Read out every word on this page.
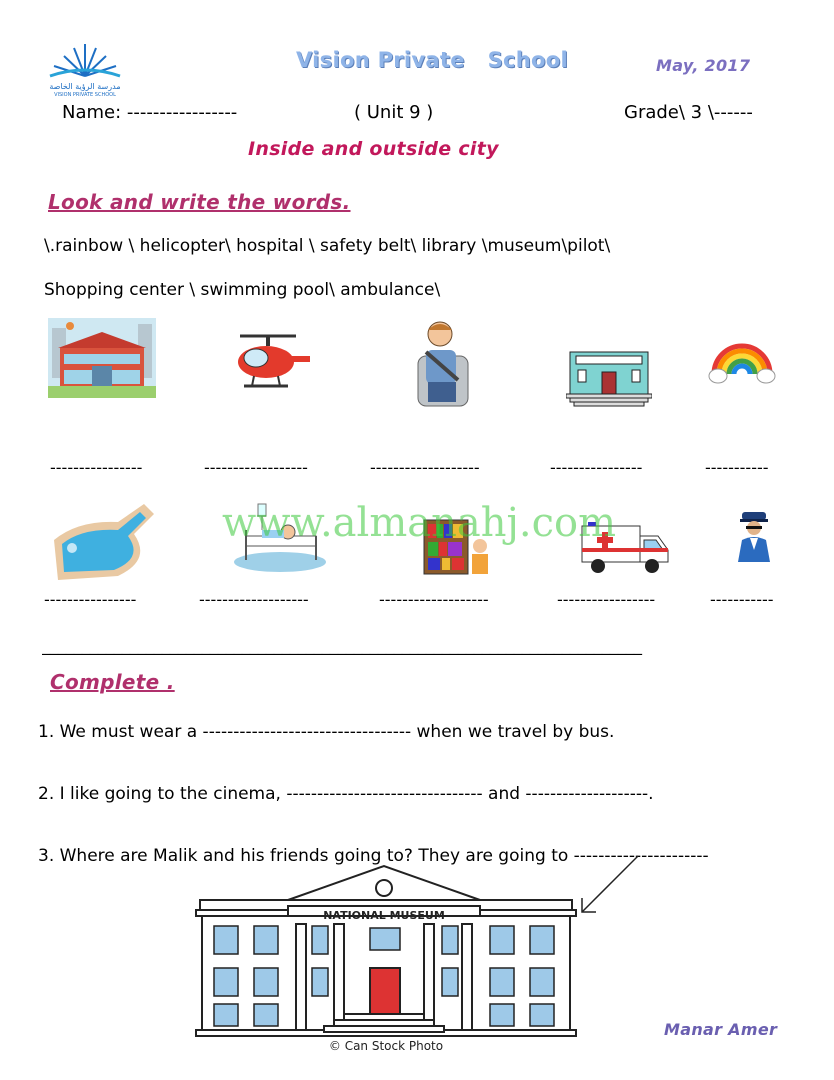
مدرسة الرؤية الخاصة
VISION PRIVATE SCHOOL
Vision Private   School	May, 2017
Name: -----------------	( Unit 9 )	Grade\ 3 \------
Inside and outside city
Look and write the words.
\.rainbow \ helicopter\ hospital \ safety belt\ library \museum\pilot\
Shopping center \ swimming pool\ ambulance\
----------------	------------------	-------------------	----------------	-----------
www.almanahj.com
----------------	-------------------	-------------------	-----------------	-----------
___________________________________________________________________________
Complete .
1. We must wear a ---------------------------------- when we travel by bus.
2. I like going to the cinema, -------------------------------- and --------------------.
3. Where are Malik and his friends going to? They are going to ----------------------
NATIONAL MUSEUM
© Can Stock Photo
Manar Amer
